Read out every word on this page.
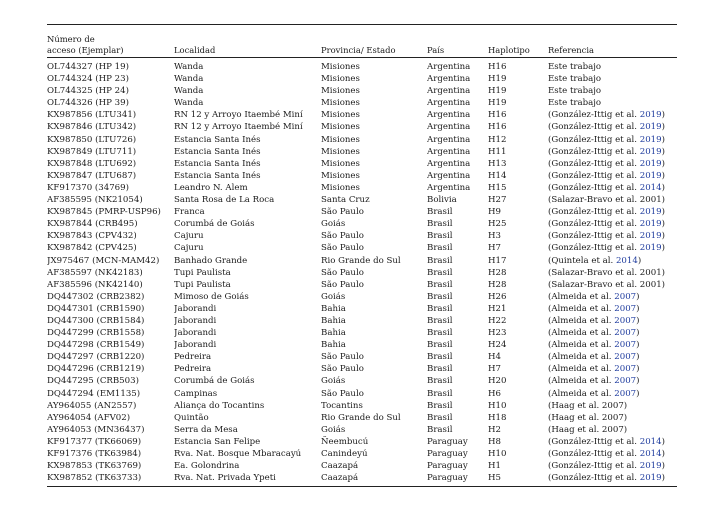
Número de
acceso (Ejemplar)	Localidad	Provincia/ Estado	País	Haplotipo	Referencia
OL744327 (HP 19)	Wanda	Misiones	Argentina	H16	Este trabajo
OL744324 (HP 23)	Wanda	Misiones	Argentina	H19	Este trabajo
OL744325 (HP 24)	Wanda	Misiones	Argentina	H19	Este trabajo
OL744326 (HP 39)	Wanda	Misiones	Argentina	H19	Este trabajo
KX987856 (LTU341)	RN 12 y Arroyo Itaembé Miní	Misiones	Argentina	H16	(González-Ittig et al. 2019)
KX987846 (LTU342)	RN 12 y Arroyo Itaembé Miní	Misiones	Argentina	H16	(González-Ittig et al. 2019)
KX987850 (LTU726)	Estancia Santa Inés	Misiones	Argentina	H12	(González-Ittig et al. 2019)
KX987849 (LTU711)	Estancia Santa Inés	Misiones	Argentina	H11	(González-Ittig et al. 2019)
KX987848 (LTU692)	Estancia Santa Inés	Misiones	Argentina	H13	(González-Ittig et al. 2019)
KX987847 (LTU687)	Estancia Santa Inés	Misiones	Argentina	H14	(González-Ittig et al. 2019)
KF917370 (34769)	Leandro N. Alem	Misiones	Argentina	H15	(González-Ittig et al. 2014)
AF385595 (NK21054)	Santa Rosa de La Roca	Santa Cruz	Bolivia	H27	(Salazar-Bravo et al. 2001)
KX987845 (PMRP-USP96)	Franca	São Paulo	Brasil	H9	(González-Ittig et al. 2019)
KX987844 (CRB495)	Corumbá de Goiás	Goiás	Brasil	H25	(González-Ittig et al. 2019)
KX987843 (CPV432)	Cajuru	São Paulo	Brasil	H3	(González-Ittig et al. 2019)
KX987842 (CPV425)	Cajuru	São Paulo	Brasil	H7	(González-Ittig et al. 2019)
JX975467 (MCN-MAM42)	Banhado Grande	Rio Grande do Sul	Brasil	H17	(Quintela et al. 2014)
AF385597 (NK42183)	Tupi Paulista	São Paulo	Brasil	H28	(Salazar-Bravo et al. 2001)
AF385596 (NK42140)	Tupi Paulista	São Paulo	Brasil	H28	(Salazar-Bravo et al. 2001)
DQ447302 (CRB2382)	Mimoso de Goiás	Goiás	Brasil	H26	(Almeida et al. 2007)
DQ447301 (CRB1590)	Jaborandi	Bahia	Brasil	H21	(Almeida et al. 2007)
DQ447300 (CRB1584)	Jaborandi	Bahia	Brasil	H22	(Almeida et al. 2007)
DQ447299 (CRB1558)	Jaborandi	Bahia	Brasil	H23	(Almeida et al. 2007)
DQ447298 (CRB1549)	Jaborandi	Bahia	Brasil	H24	(Almeida et al. 2007)
DQ447297 (CRB1220)	Pedreira	São Paulo	Brasil	H4	(Almeida et al. 2007)
DQ447296 (CRB1219)	Pedreira	São Paulo	Brasil	H7	(Almeida et al. 2007)
DQ447295 (CRB503)	Corumbá de Goiás	Goiás	Brasil	H20	(Almeida et al. 2007)
DQ447294 (EM1135)	Campinas	São Paulo	Brasil	H6	(Almeida et al. 2007)
AY964055 (AN2557)	Aliança do Tocantins	Tocantins	Brasil	H10	(Haag et al. 2007)
AY964054 (AFV02)	Quintão	Rio Grande do Sul	Brasil	H18	(Haag et al. 2007)
AY964053 (MN36437)	Serra da Mesa	Goiás	Brasil	H2	(Haag et al. 2007)
KF917377 (TK66069)	Estancia San Felipe	Ñeembucú	Paraguay	H8	(González-Ittig et al. 2014)
KF917376 (TK63984)	Rva. Nat. Bosque Mbaracayú	Canindeyú	Paraguay	H10	(González-Ittig et al. 2014)
KX987853 (TK63769)	Ea. Golondrina	Caazapá	Paraguay	H1	(González-Ittig et al. 2019)
KX987852 (TK63733)	Rva. Nat. Privada Ypeti	Caazapá	Paraguay	H5	(González-Ittig et al. 2019)
